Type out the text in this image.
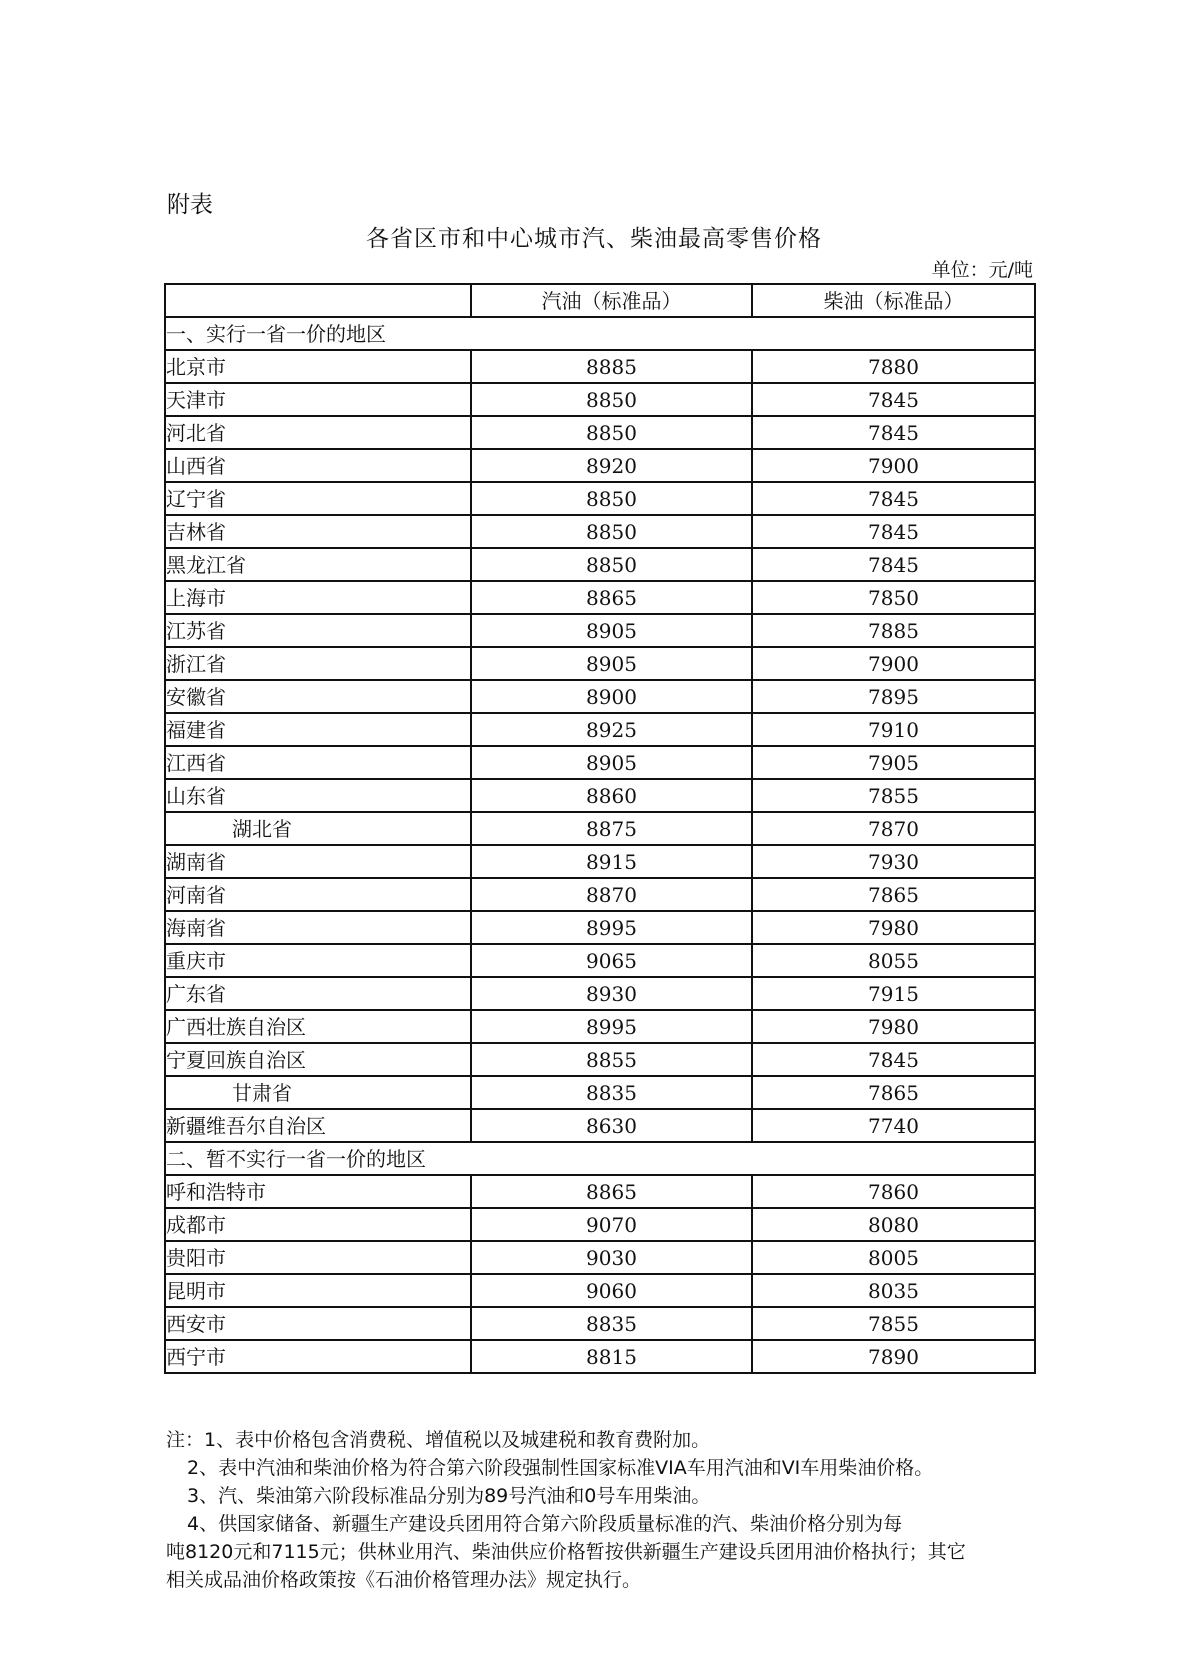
附表
各省区市和中心城市汽、柴油最高零售价格
单位：元/吨
	汽油（标准品）	柴油（标准品）
一、实行一省一价的地区		
北京市	8885	7880
天津市	8850	7845
河北省	8850	7845
山西省	8920	7900
辽宁省	8850	7845
吉林省	8850	7845
黑龙江省	8850	7845
上海市	8865	7850
江苏省	8905	7885
浙江省	8905	7900
安徽省	8900	7895
福建省	8925	7910
江西省	8905	7905
山东省	8860	7855
湖北省	8875	7870
湖南省	8915	7930
河南省	8870	7865
海南省	8995	7980
重庆市	9065	8055
广东省	8930	7915
广西壮族自治区	8995	7980
宁夏回族自治区	8855	7845
甘肃省	8835	7865
新疆维吾尔自治区	8630	7740
二、暂不实行一省一价的地区		
呼和浩特市	8865	7860
成都市	9070	8080
贵阳市	9030	8005
昆明市	9060	8035
西安市	8835	7855
西宁市	8815	7890

注：1、表中价格包含消费税、增值税以及城建税和教育费附加。

2、表中汽油和柴油价格为符合第六阶段强制性国家标准VIA车用汽油和VI车用柴油价格。

3、汽、柴油第六阶段标准品分别为89号汽油和0号车用柴油。

4、供国家储备、新疆生产建设兵团用符合第六阶段质量标准的汽、柴油价格分别为每

吨8120元和7115元；供林业用汽、柴油供应价格暂按供新疆生产建设兵团用油价格执行；其它

相关成品油价格政策按《石油价格管理办法》规定执行。
